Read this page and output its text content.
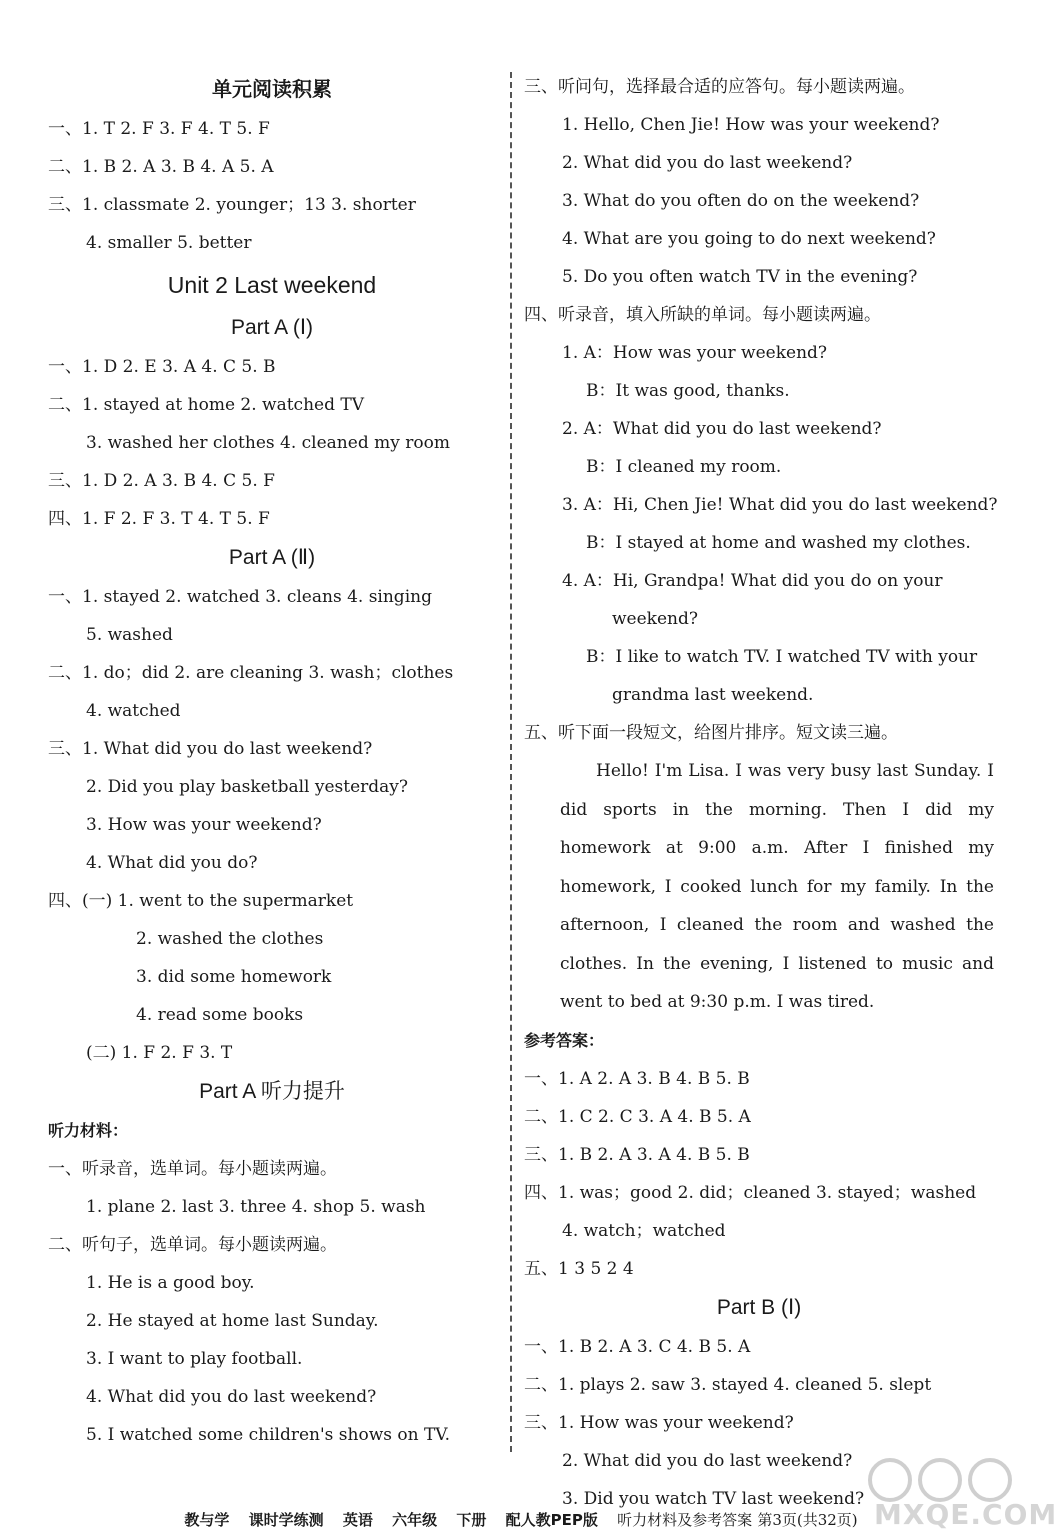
单元阅读积累
一、1. T 2. F 3. F 4. T 5. F
二、1. B 2. A 3. B 4. A 5. A
三、1. classmate 2. younger；13 3. shorter
4. smaller 5. better
Unit 2 Last weekend
Part A (Ⅰ)
一、1. D 2. E 3. A 4. C 5. B
二、1. stayed at home 2. watched TV
3. washed her clothes 4. cleaned my room
三、1. D 2. A 3. B 4. C 5. F
四、1. F 2. F 3. T 4. T 5. F
Part A (Ⅱ)
一、1. stayed 2. watched 3. cleans 4. singing
5. washed
二、1. do；did 2. are cleaning 3. wash；clothes
4. watched
三、1. What did you do last weekend?
2. Did you play basketball yesterday?
3. How was your weekend?
4. What did you do?
四、(一) 1. went to the supermarket
2. washed the clothes
3. did some homework
4. read some books
(二) 1. F 2. F 3. T
Part A 听力提升
听力材料：
一、听录音，选单词。每小题读两遍。
1. plane 2. last 3. three 4. shop 5. wash
二、听句子，选单词。每小题读两遍。
1. He is a good boy.
2. He stayed at home last Sunday.
3. I want to play football.
4. What did you do last weekend?
5. I watched some children's shows on TV.
三、听问句，选择最合适的应答句。每小题读两遍。
1. Hello, Chen Jie! How was your weekend?
2. What did you do last weekend?
3. What do you often do on the weekend?
4. What are you going to do next weekend?
5. Do you often watch TV in the evening?
四、听录音，填入所缺的单词。每小题读两遍。
1. A：How was your weekend?
B：It was good, thanks.
2. A：What did you do last weekend?
B：I cleaned my room.
3. A：Hi, Chen Jie! What did you do last weekend?
B：I stayed at home and washed my clothes.
4. A：Hi, Grandpa! What did you do on your
weekend?
B：I like to watch TV. I watched TV with your
grandma last weekend.
五、听下面一段短文，给图片排序。短文读三遍。
Hello! I'm Lisa. I was very busy last Sunday. I did sports in the morning. Then I did my homework at 9:00 a.m. After I finished my homework, I cooked lunch for my family. In the afternoon, I cleaned the room and washed the clothes. In the evening, I listened to music and went to bed at 9:30 p.m. I was tired.
参考答案：
一、1. A 2. A 3. B 4. B 5. B
二、1. C 2. C 3. A 4. B 5. A
三、1. B 2. A 3. A 4. B 5. B
四、1. was；good 2. did；cleaned 3. stayed；washed
4. watch；watched
五、1 3 5 2 4
Part B (Ⅰ)
一、1. B 2. A 3. C 4. B 5. A
二、1. plays 2. saw 3. stayed 4. cleaned 5. slept
三、1. How was your weekend?
2. What did you do last weekend?
3. Did you watch TV last weekend?
教与学 课时学练测 英语 六年级 下册 配人教PEP版 听力材料及参考答案 第3页(共32页) MXQE.COM
